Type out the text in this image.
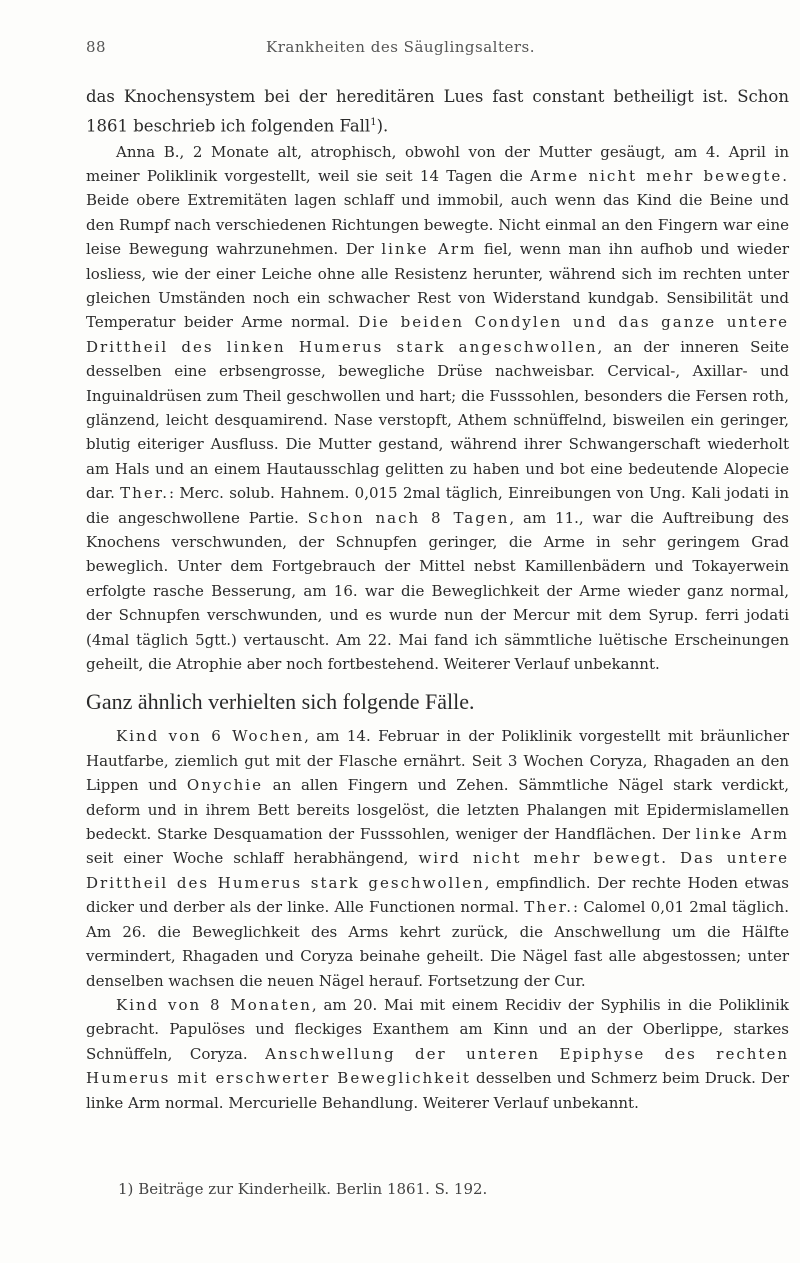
88	Krankheiten des Säuglingsalters.

das Knochensystem bei der hereditären Lues fast constant betheiligt ist. Schon 1861 beschrieb ich folgenden Fall$^1$).

Anna B., 2 Monate alt, atrophisch, obwohl von der Mutter gesäugt, am 4. April in meiner Poliklinik vorgestellt, weil sie seit 14 Tagen die Arme nicht mehr bewegte. Beide obere Extremitäten lagen schlaff und immobil, auch wenn das Kind die Beine und den Rumpf nach verschiedenen Richtungen bewegte. Nicht einmal an den Fingern war eine leise Bewegung wahrzunehmen. Der linke Arm fiel, wenn man ihn aufhob und wieder losliess, wie der einer Leiche ohne alle Resistenz herunter, während sich im rechten unter gleichen Umständen noch ein schwacher Rest von Widerstand kundgab. Sensibilität und Temperatur beider Arme normal. Die beiden Condylen und das ganze untere Drittheil des linken Humerus stark angeschwollen, an der inneren Seite desselben eine erbsengrosse, bewegliche Drüse nachweisbar. Cervical-, Axillar- und Inguinaldrüsen zum Theil geschwollen und hart; die Fusssohlen, besonders die Fersen roth, glänzend, leicht desquamirend. Nase verstopft, Athem schnüffelnd, bisweilen ein geringer, blutig eiteriger Ausfluss. Die Mutter gestand, während ihrer Schwangerschaft wiederholt am Hals und an einem Hautausschlag gelitten zu haben und bot eine bedeutende Alopecie dar. Ther.: Merc. solub. Hahnem. 0,015 2mal täglich, Einreibungen von Ung. Kali jodati in die angeschwollene Partie. Schon nach 8 Tagen, am 11., war die Auftreibung des Knochens verschwunden, der Schnupfen geringer, die Arme in sehr geringem Grad beweglich. Unter dem Fortgebrauch der Mittel nebst Kamillenbädern und Tokayerwein erfolgte rasche Besserung, am 16. war die Beweglichkeit der Arme wieder ganz normal, der Schnupfen verschwunden, und es wurde nun der Mercur mit dem Syrup. ferri jodati (4mal täglich 5gtt.) vertauscht. Am 22. Mai fand ich sämmtliche luëtische Erscheinungen geheilt, die Atrophie aber noch fortbestehend. Weiterer Verlauf unbekannt.

Ganz ähnlich verhielten sich folgende Fälle.

Kind von 6 Wochen, am 14. Februar in der Poliklinik vorgestellt mit bräunlicher Hautfarbe, ziemlich gut mit der Flasche ernährt. Seit 3 Wochen Coryza, Rhagaden an den Lippen und Onychie an allen Fingern und Zehen. Sämmtliche Nägel stark verdickt, deform und in ihrem Bett bereits losgelöst, die letzten Phalangen mit Epidermislamellen bedeckt. Starke Desquamation der Fusssohlen, weniger der Handflächen. Der linke Arm seit einer Woche schlaff herabhängend, wird nicht mehr bewegt. Das untere Drittheil des Humerus stark geschwollen, empfindlich. Der rechte Hoden etwas dicker und derber als der linke. Alle Functionen normal. Ther.: Calomel 0,01 2mal täglich. Am 26. die Beweglichkeit des Arms kehrt zurück, die Anschwellung um die Hälfte vermindert, Rhagaden und Coryza beinahe geheilt. Die Nägel fast alle abgestossen; unter denselben wachsen die neuen Nägel herauf. Fortsetzung der Cur.

Kind von 8 Monaten, am 20. Mai mit einem Recidiv der Syphilis in die Poliklinik gebracht. Papulöses und fleckiges Exanthem am Kinn und an der Oberlippe, starkes Schnüffeln, Coryza. Anschwellung der unteren Epiphyse des rechten Humerus mit erschwerter Beweglichkeit desselben und Schmerz beim Druck. Der linke Arm normal. Mercurielle Behandlung. Weiterer Verlauf unbekannt.

1) Beiträge zur Kinderheilk. Berlin 1861. S. 192.
